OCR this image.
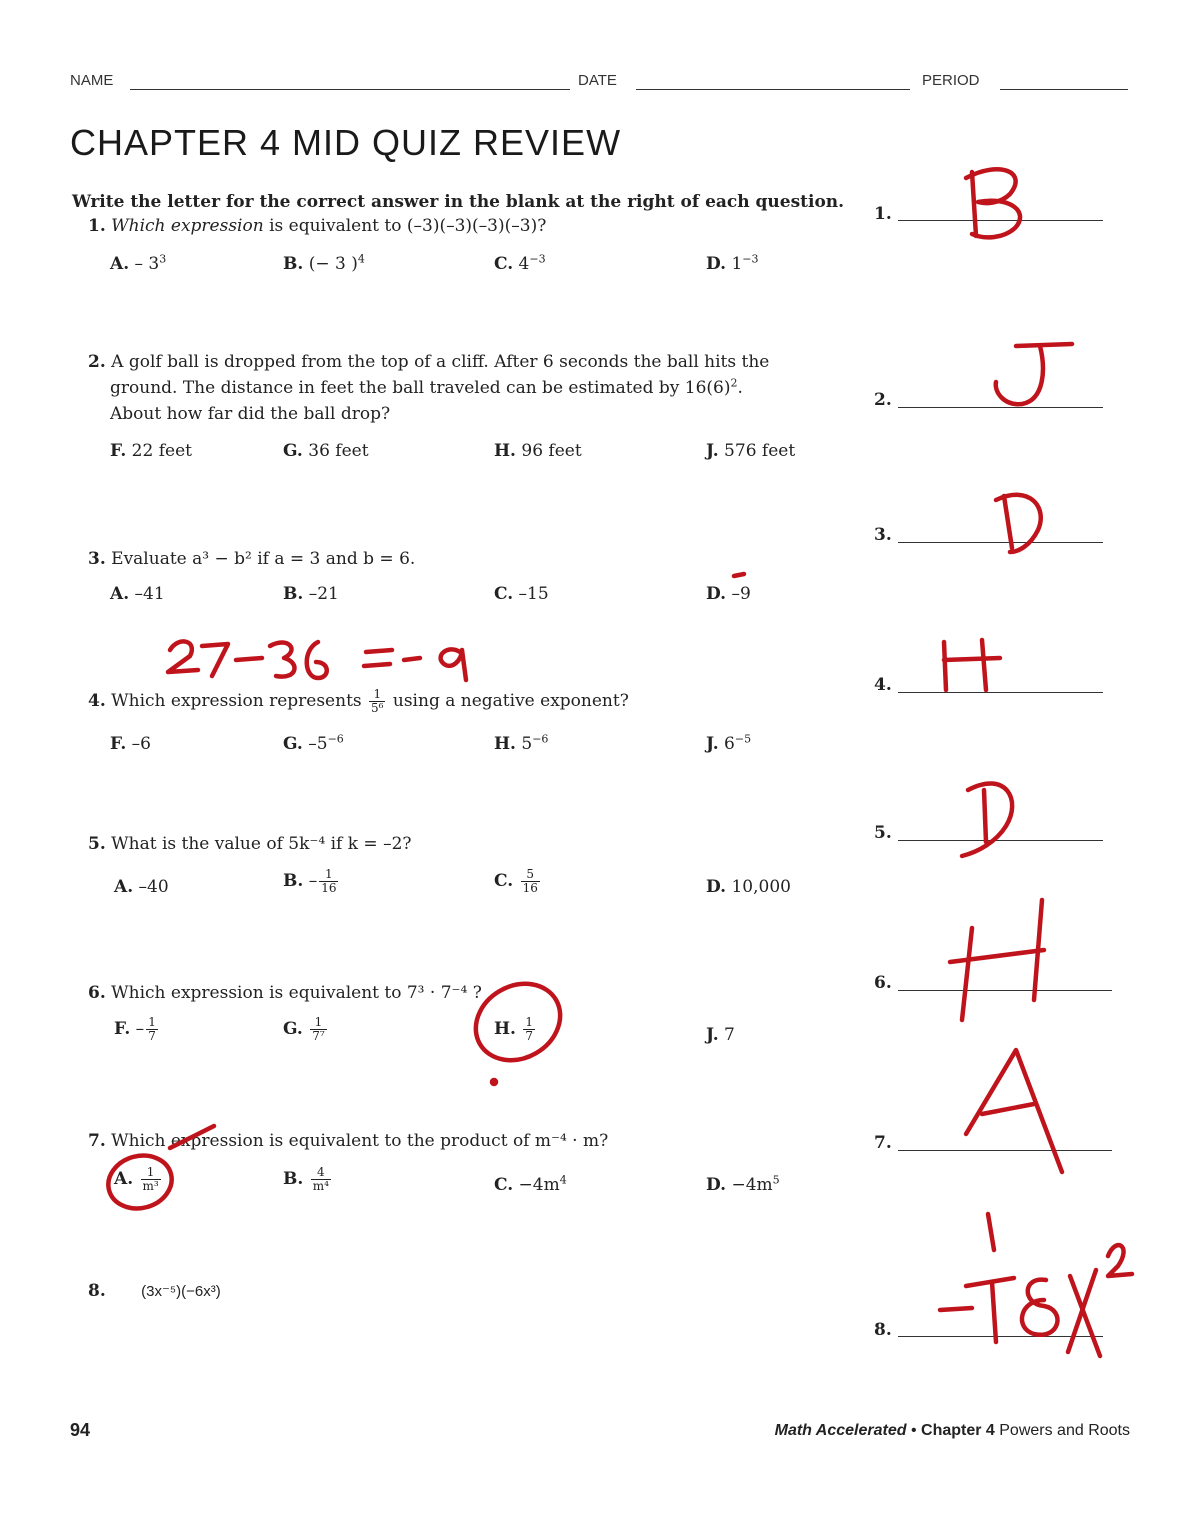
NAME	DATE	PERIOD
CHAPTER 4 MID QUIZ REVIEW
Write the letter for the correct answer in the blank at the right of each question.
1. Which expression is equivalent to (–3)(–3)(–3)(–3)?
A. – $3^3$	B. (− 3 )$^4$	C. $4^{-3}$	D. $1^{-3}$
2. A golf ball is dropped from the top of a cliff. After 6 seconds the ball hits the
ground. The distance in feet the ball traveled can be estimated by $16(6)^2$.
About how far did the ball drop?
F. 22 feet	G. 36 feet	H. 96 feet	J. 576 feet
3. Evaluate a³ − b² if a = 3 and b = 6.
A. –41	B. –21	C. –15	D. –9
4. Which expression represents $\frac{1}{\text{5⁶}}$ using a negative exponent?
F. –6	G. $-5^{-6}$	H. $5^{-6}$	J. $6^{-5}$
5. What is the value of 5k⁻⁴ if k = –2?
A. –40	B. – $\frac{1}{16}$	C. $\frac{5}{16}$	D. 10,000
6. Which expression is equivalent to 7³ · 7⁻⁴ ?
F. – $\frac{1}{7}$	G. $\frac{1}{\text{7⁷}}$	H. $\frac{1}{7}$	J. 7
7. Which expression is equivalent to the product of m⁻⁴ · m?
A. $\frac{1}{\text{m³}}$	B. $\frac{4}{\text{m⁴}}$	C. $-4m^4$	D. $-4m^5$
8. (3x⁻⁵)(−6x³)
1.
2.
3.
4.
5.
6.
7.
8.
94	Math Accelerated • Chapter 4 Powers and Roots
